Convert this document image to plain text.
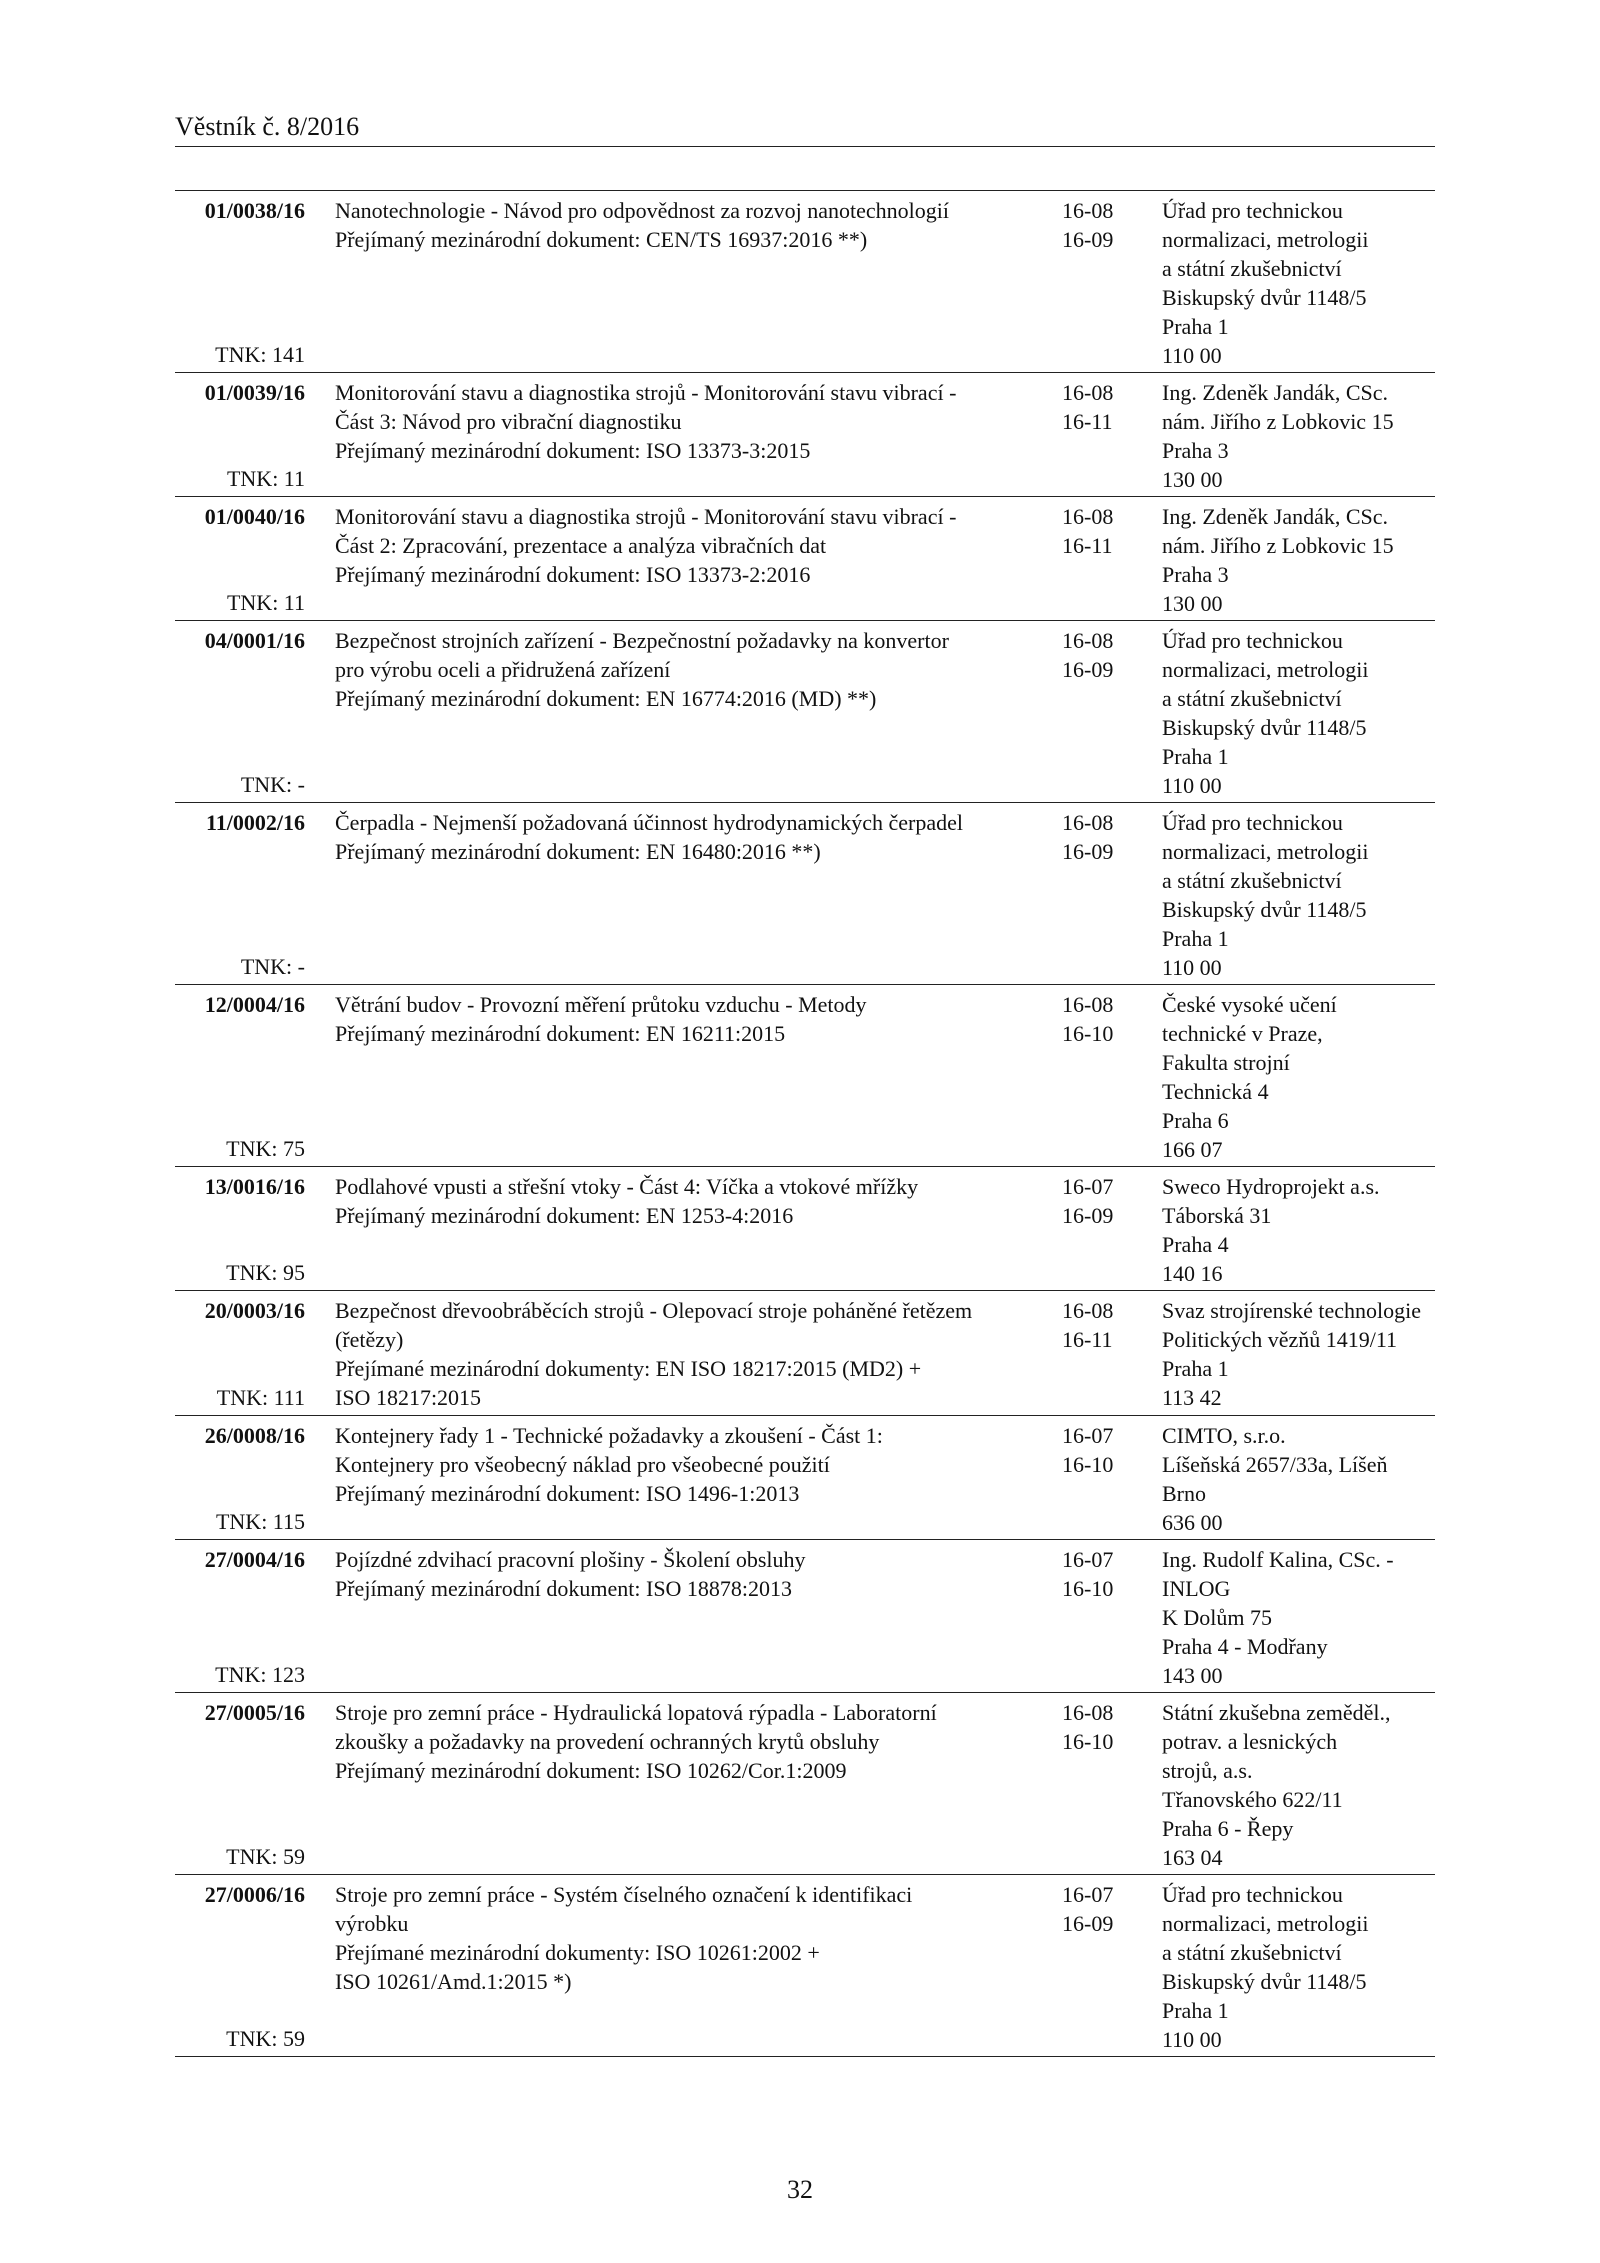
Věstník č. 8/2016
01/0038/16
TNK: 141
Nanotechnologie - Návod pro odpovědnost za rozvoj nanotechnologií
Přejímaný mezinárodní dokument: CEN/TS 16937:2016 **)
16-08
16-09
Úřad pro technickou
normalizaci, metrologii
a státní zkušebnictví
Biskupský dvůr 1148/5
Praha 1
110 00
01/0039/16
TNK: 11
Monitorování stavu a diagnostika strojů - Monitorování stavu vibrací -
Část 3: Návod pro vibrační diagnostiku
Přejímaný mezinárodní dokument: ISO 13373-3:2015
16-08
16-11
Ing. Zdeněk Jandák, CSc.
nám. Jiřího z Lobkovic 15
Praha 3
130 00
01/0040/16
TNK: 11
Monitorování stavu a diagnostika strojů - Monitorování stavu vibrací -
Část 2: Zpracování, prezentace a analýza vibračních dat
Přejímaný mezinárodní dokument: ISO 13373-2:2016
16-08
16-11
Ing. Zdeněk Jandák, CSc.
nám. Jiřího z Lobkovic 15
Praha 3
130 00
04/0001/16
TNK: -
Bezpečnost strojních zařízení - Bezpečnostní požadavky na konvertor
pro výrobu oceli a přidružená zařízení
Přejímaný mezinárodní dokument: EN 16774:2016 (MD) **)
16-08
16-09
Úřad pro technickou
normalizaci, metrologii
a státní zkušebnictví
Biskupský dvůr 1148/5
Praha 1
110 00
11/0002/16
TNK: -
Čerpadla - Nejmenší požadovaná účinnost hydrodynamických čerpadel
Přejímaný mezinárodní dokument: EN 16480:2016 **)
16-08
16-09
Úřad pro technickou
normalizaci, metrologii
a státní zkušebnictví
Biskupský dvůr 1148/5
Praha 1
110 00
12/0004/16
TNK: 75
Větrání budov - Provozní měření průtoku vzduchu - Metody
Přejímaný mezinárodní dokument: EN 16211:2015
16-08
16-10
České vysoké učení
technické v Praze,
Fakulta strojní
Technická 4
Praha 6
166 07
13/0016/16
TNK: 95
Podlahové vpusti a střešní vtoky - Část 4: Víčka a vtokové mřížky
Přejímaný mezinárodní dokument: EN 1253-4:2016
16-07
16-09
Sweco Hydroprojekt a.s.
Táborská 31
Praha 4
140 16
20/0003/16
TNK: 111
Bezpečnost dřevoobráběcích strojů - Olepovací stroje poháněné řetězem
(řetězy)
Přejímané mezinárodní dokumenty: EN ISO 18217:2015 (MD2) +
ISO 18217:2015
16-08
16-11
Svaz strojírenské technologie
Politických vězňů 1419/11
Praha 1
113 42
26/0008/16
TNK: 115
Kontejnery řady 1 - Technické požadavky a zkoušení - Část 1:
Kontejnery pro všeobecný náklad pro všeobecné použití
Přejímaný mezinárodní dokument: ISO 1496-1:2013
16-07
16-10
CIMTO, s.r.o.
Líšeňská 2657/33a, Líšeň
Brno
636 00
27/0004/16
TNK: 123
Pojízdné zdvihací pracovní plošiny - Školení obsluhy
Přejímaný mezinárodní dokument: ISO 18878:2013
16-07
16-10
Ing. Rudolf Kalina, CSc. -
INLOG
K Dolům 75
Praha 4 - Modřany
143 00
27/0005/16
TNK: 59
Stroje pro zemní práce - Hydraulická lopatová rýpadla - Laboratorní
zkoušky a požadavky na provedení ochranných krytů obsluhy
Přejímaný mezinárodní dokument: ISO 10262/Cor.1:2009
16-08
16-10
Státní zkušebna zeměděl.,
potrav. a lesnických
strojů, a.s.
Třanovského 622/11
Praha 6 - Řepy
163 04
27/0006/16
TNK: 59
Stroje pro zemní práce - Systém číselného označení k identifikaci
výrobku
Přejímané mezinárodní dokumenty: ISO 10261:2002 +
ISO 10261/Amd.1:2015 *)
16-07
16-09
Úřad pro technickou
normalizaci, metrologii
a státní zkušebnictví
Biskupský dvůr 1148/5
Praha 1
110 00
32
